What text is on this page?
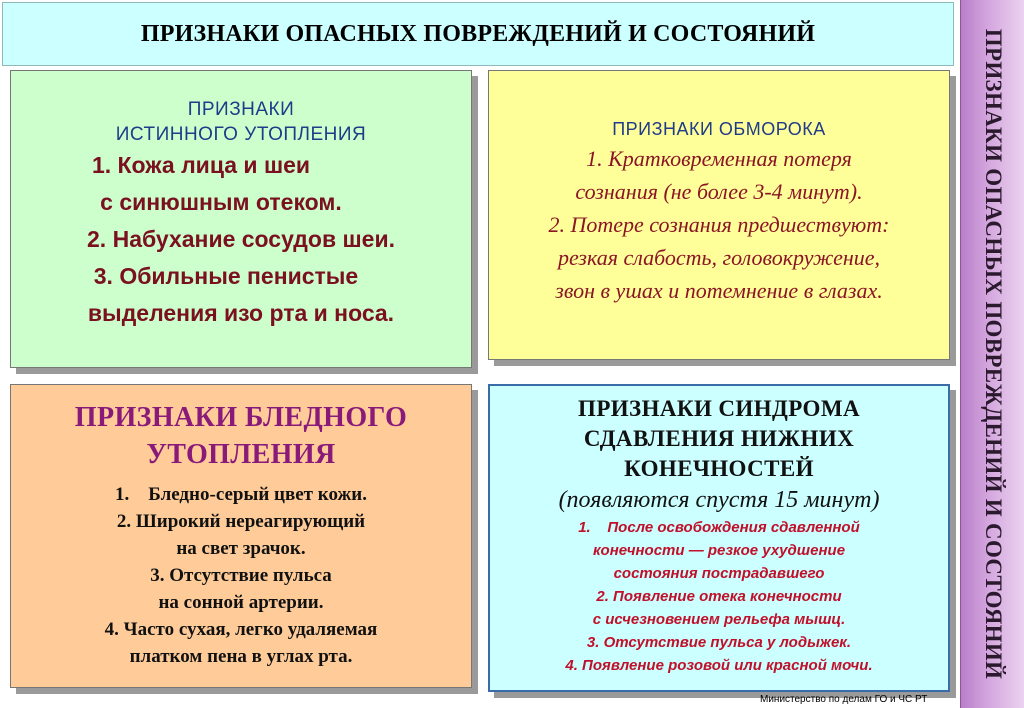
ПРИЗНАКИ ОПАСНЫХ ПОВРЕЖДЕНИЙ И СОСТОЯНИЙ	ПРИЗНАКИ ОПАСНЫХ ПОВРЕЖДЕНИЙ И СОСТОЯНИЙ
ПРИЗНАКИ
ИСТИННОГО УТОПЛЕНИЯ
1. Кожа лица и шеи
с синюшным отеком.
2. Набухание сосудов шеи.
3. Обильные пенистые
выделения изо рта и носа.
ПРИЗНАКИ ОБМОРОКА
1. Кратковременная потеря
сознания (не более 3-4 минут).
2. Потере сознания предшествуют:
резкая слабость, головокружение,
звон в ушах и потемнение в глазах.
ПРИЗНАКИ БЛЕДНОГО
УТОПЛЕНИЯ
1.    Бледно-серый цвет кожи.
2. Широкий нереагирующий
на свет зрачок.
3. Отсутствие пульса
на сонной артерии.
4. Часто сухая, легко удаляемая
платком пена в углах рта.
ПРИЗНАКИ СИНДРОМА
СДАВЛЕНИЯ НИЖНИХ
КОНЕЧНОСТЕЙ
(появляются спустя 15 минут)
1.    После освобождения сдавленной
конечности — резкое ухудшение
состояния пострадавшего
2. Появление отека конечности
с исчезновением рельефа мышц.
3. Отсутствие пульса у лодыжек.
4. Появление розовой или красной мочи.
Министерство по делам ГО и ЧС РТ
